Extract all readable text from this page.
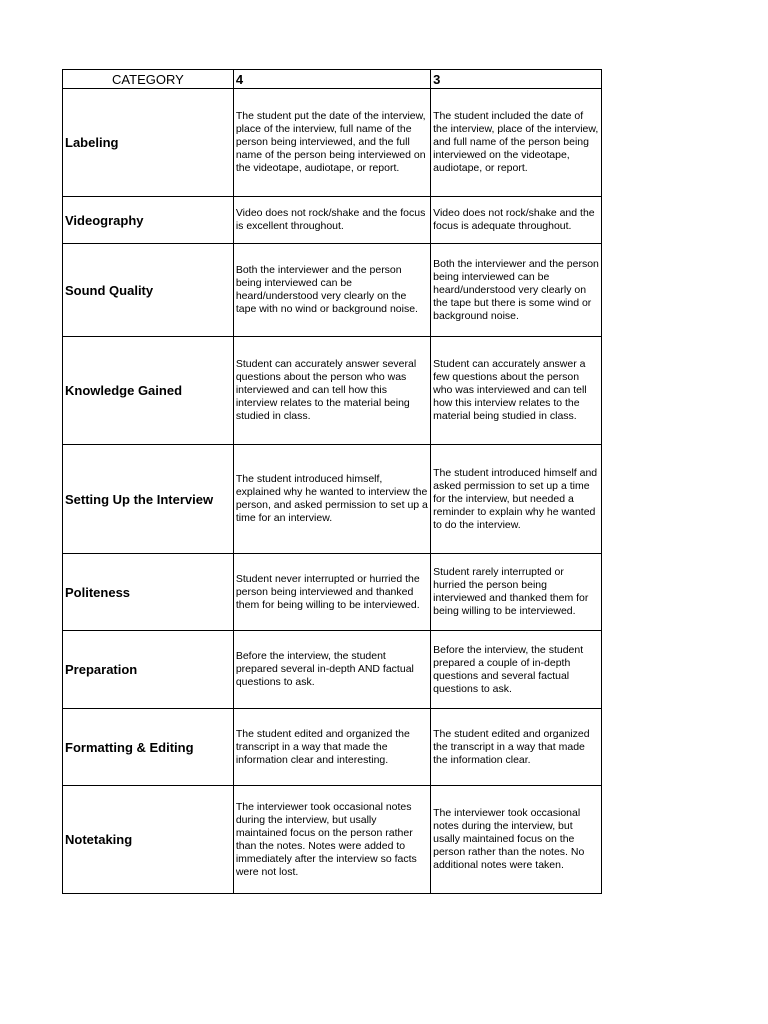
CATEGORY	4	3
Labeling	The student put the date of the interview, place of the interview, full name of the person being interviewed, and the full name of the person being interviewed on the videotape, audiotape, or report.	The student included the date of the interview, place of the interview, and full name of the person being interviewed on the videotape, audiotape, or report.
Videography	Video does not rock/shake and the focus is excellent throughout.	Video does not rock/shake and the focus is adequate throughout.
Sound Quality	Both the interviewer and the person being interviewed can be heard/understood very clearly on the tape with no wind or background noise.	Both the interviewer and the person being interviewed can be heard/understood very clearly on the tape but there is some wind or background noise.
Knowledge Gained	Student can accurately answer several questions about the person who was interviewed and can tell how this interview relates to the material being studied in class.	Student can accurately answer a few questions about the person who was interviewed and can tell how this interview relates to the material being studied in class.
Setting Up the Interview	The student introduced himself, explained why he wanted to interview the person, and asked permission to set up a time for an interview.	The student introduced himself and asked permission to set up a time for the interview, but needed a reminder to explain why he wanted to do the interview.
Politeness	Student never interrupted or hurried the person being interviewed and thanked them for being willing to be interviewed.	Student rarely interrupted or hurried the person being interviewed and thanked them for being willing to be interviewed.
Preparation	Before the interview, the student prepared several in-depth AND factual questions to ask.	Before the interview, the student prepared a couple of in-depth questions and several factual questions to ask.
Formatting & Editing	The student edited and organized the transcript in a way that made the information clear and interesting.	The student edited and organized the transcript in a way that made the information clear.
Notetaking	The interviewer took occasional notes during the interview, but usally maintained focus on the person rather than the notes. Notes were added to immediately after the interview so facts were not lost.	The interviewer took occasional notes during the interview, but usally maintained focus on the person rather than the notes. No additional notes were taken.
